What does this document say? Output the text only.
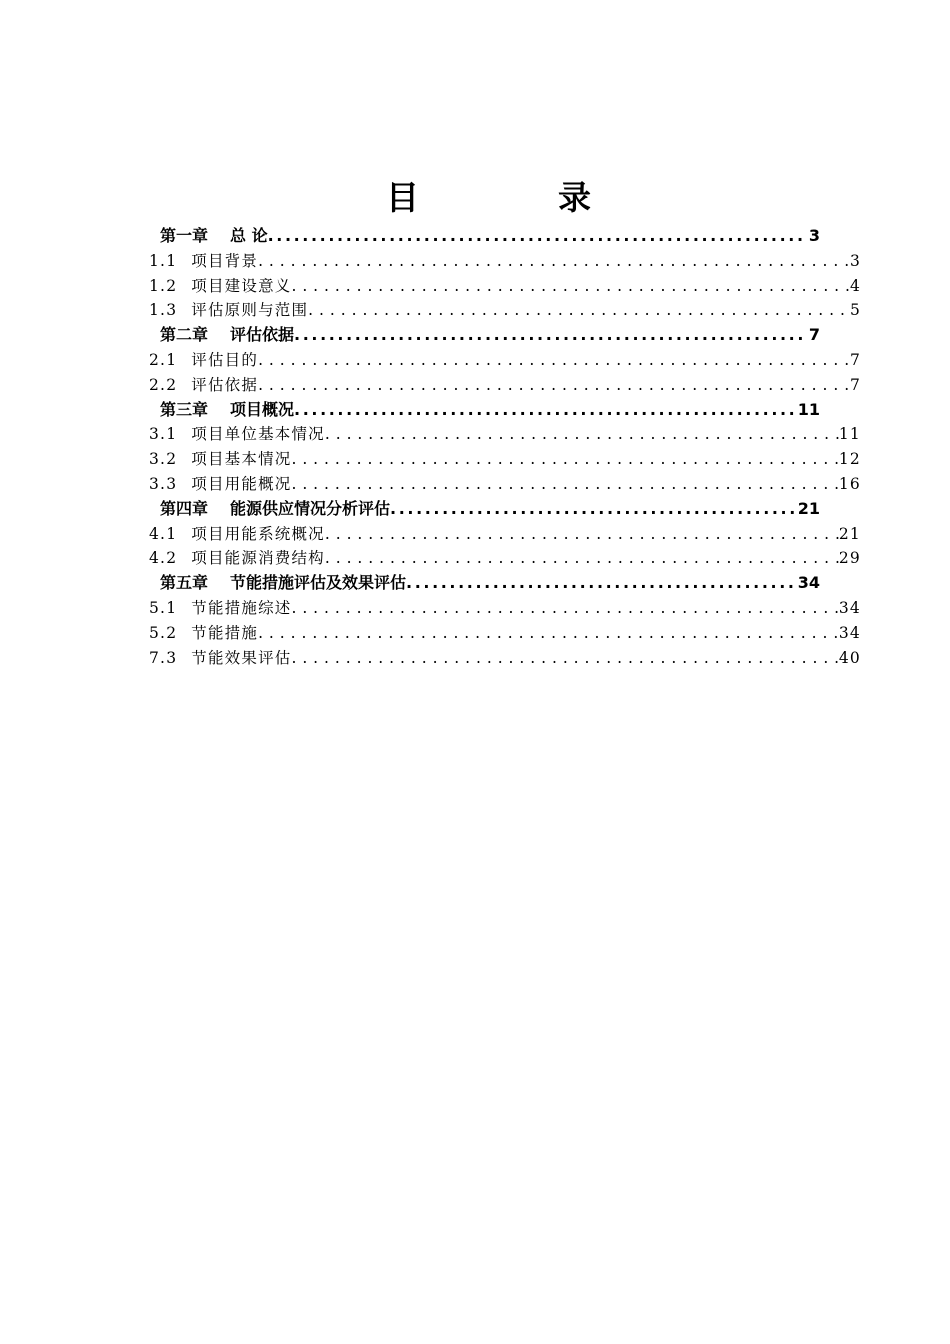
目	录
第一章 总 论 .....	3
1.1 项目背景 . . .	3
1.2 项目建设意义 . . .	4
1.3 评估原则与范围 . . .	5
第二章 评估依据 .....	7
2.1 评估目的 . . .	7
2.2 评估依据 . . .	7
第三章 项目概况 .....	11
3.1 项目单位基本情况 . . .	11
3.2 项目基本情况 . . .	12
3.3 项目用能概况 . . .	16
第四章 能源供应情况分析评估 .....	21
4.1 项目用能系统概况 . . .	21
4.2 项目能源消费结构 . . .	29
第五章 节能措施评估及效果评估 .....	34
5.1 节能措施综述 . . .	34
5.2 节能措施 . . .	34
7.3 节能效果评估 . . .	40
